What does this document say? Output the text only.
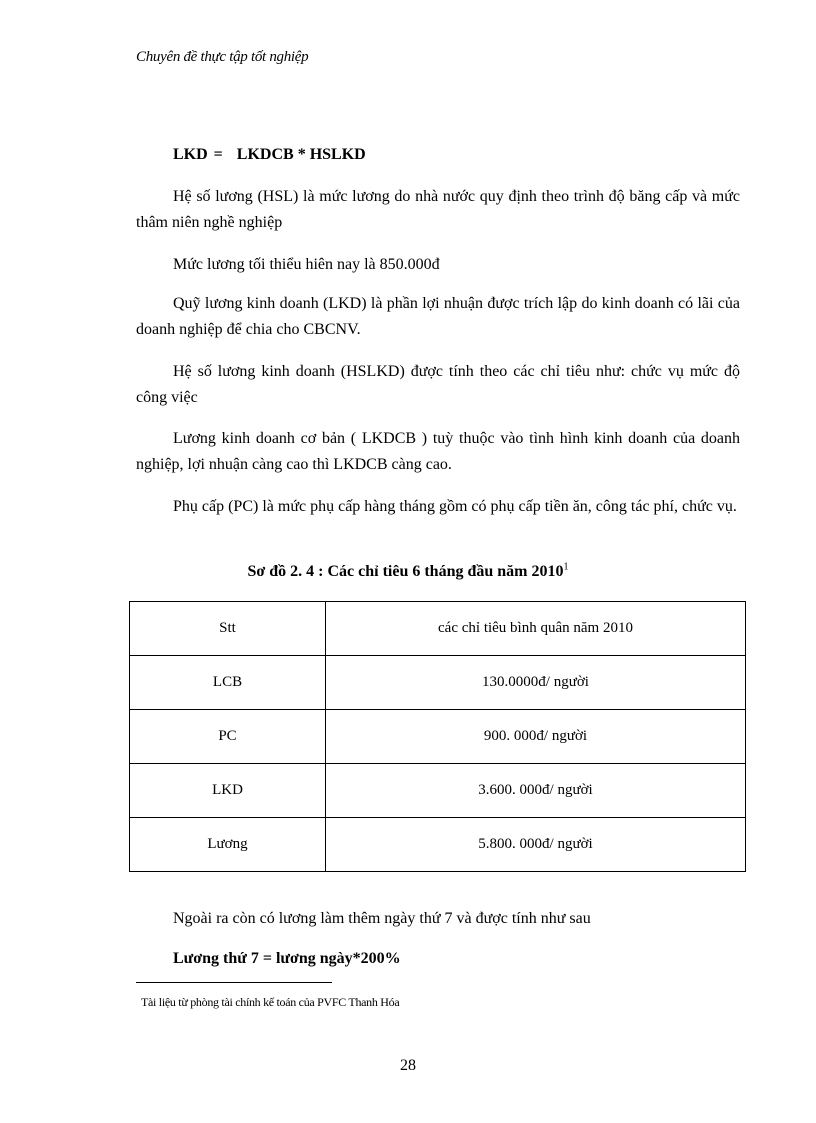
Chuyên đề thực tập tốt nghiệp
LKD = LKDCB * HSLKD

Hệ số lương (HSL) là mức lương do nhà nước quy định theo trình độ băng cấp và mức thâm niên nghề nghiệp

Mức lương tối thiểu hiên nay là 850.000đ

Quỹ lương kinh doanh (LKD) là phần lợi nhuận được trích lập do kinh doanh có lãi của doanh nghiệp để chia cho CBCNV.

Hệ số lương kinh doanh (HSLKD) được tính theo các chỉ tiêu như: chức vụ mức độ công việc

Lương kinh doanh cơ bản ( LKDCB ) tuỳ thuộc vào tình hình kinh doanh của doanh nghiệp, lợi nhuận càng cao thì LKDCB càng cao.

Phụ cấp (PC) là mức phụ cấp hàng tháng gồm có phụ cấp tiền ăn, công tác phí, chức vụ.

Sơ đồ 2. 4 : Các chỉ tiêu 6 tháng đầu năm 2010$^1$
Stt	các chỉ tiêu bình quân năm 2010
LCB	130.0000đ/ người
PC	900. 000đ/ người
LKD	3.600. 000đ/ người
Lương	5.800. 000đ/ người
Ngoài ra còn có lương làm thêm ngày thứ 7 và được tính như sau
Lương thứ 7 = lương ngày*200%
Tài liệu từ phòng tài chính kế toán của PVFC Thanh Hóa
28
